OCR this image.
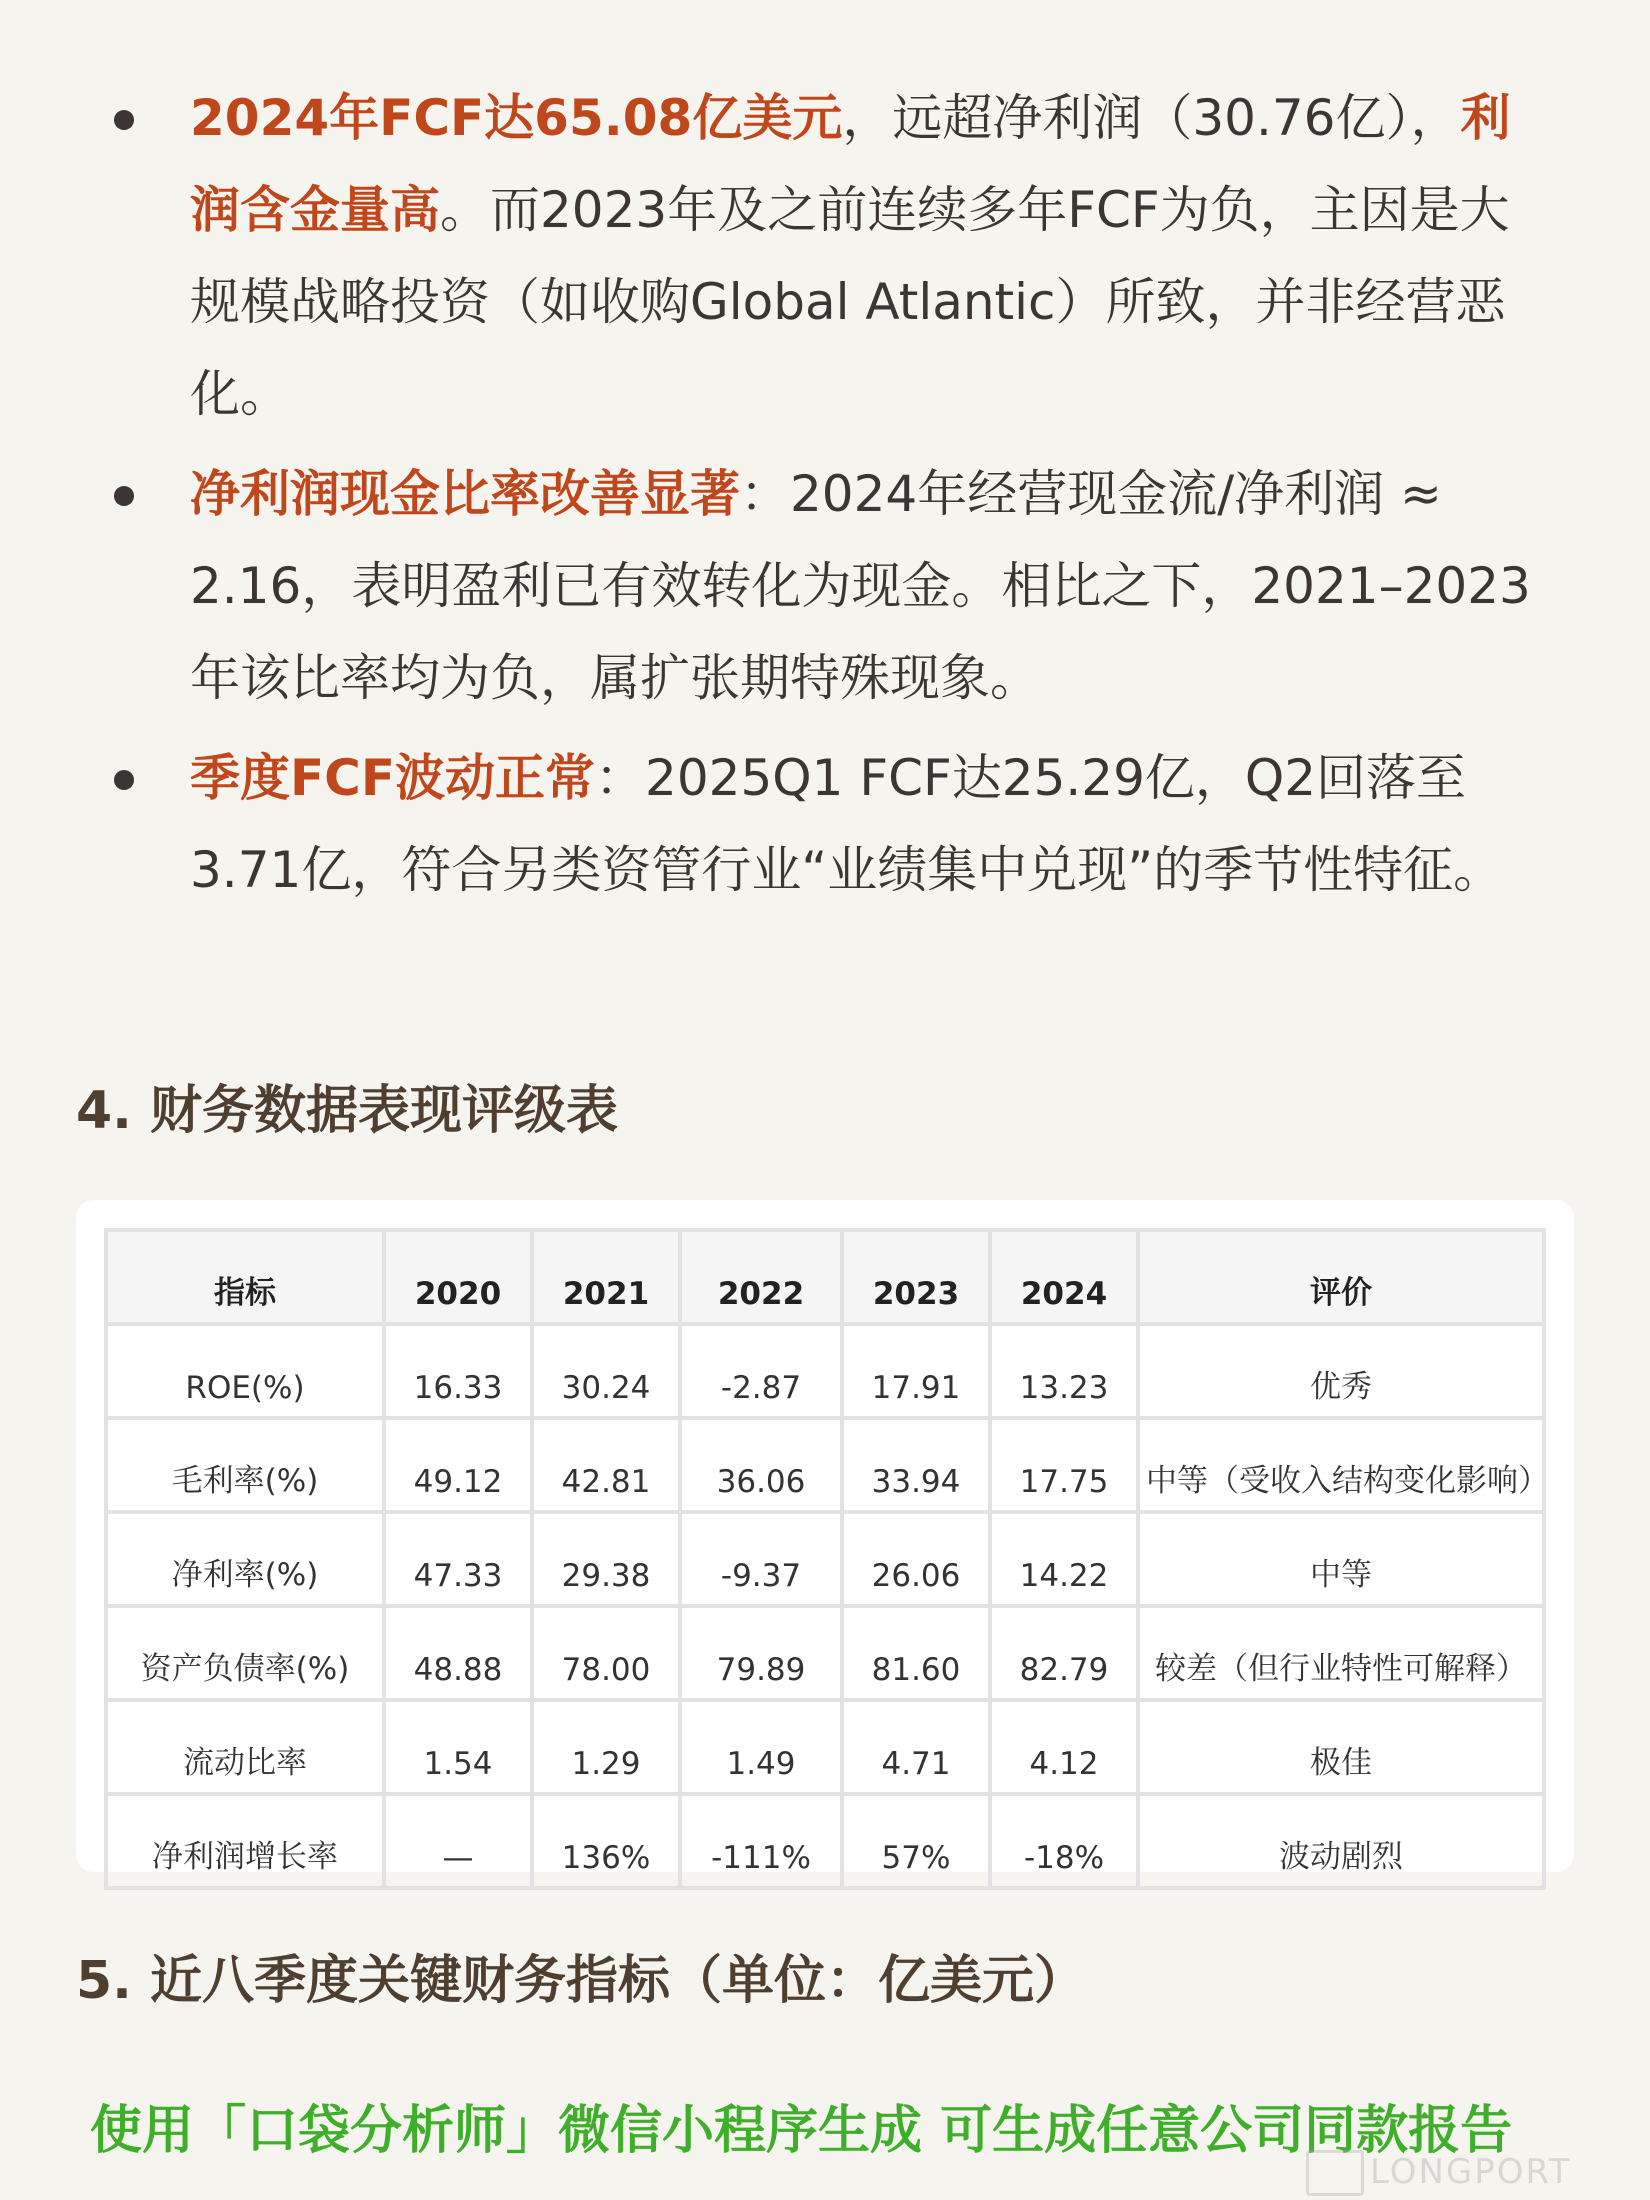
2024年FCF达65.08亿美元，远超净利润（30.76亿），利润含金量高。而2023年及之前连续多年FCF为负，主因是大规模战略投资（如收购Global Atlantic）所致，并非经营恶化。
净利润现金比率改善显著：2024年经营现金流/净利润 ≈ 2.16，表明盈利已有效转化为现金。相比之下，2021–2023年该比率均为负，属扩张期特殊现象。
季度FCF波动正常：2025Q1 FCF达25.29亿，Q2回落至3.71亿，符合另类资管行业“业绩集中兑现”的季节性特征。
4. 财务数据表现评级表
指标	2020	2021	2022	2023	2024	评价
ROE(%)	16.33	30.24	-2.87	17.91	13.23	优秀
毛利率(%)	49.12	42.81	36.06	33.94	17.75	中等（受收入结构变化影响）
净利率(%)	47.33	29.38	-9.37	26.06	14.22	中等
资产负债率(%)	48.88	78.00	79.89	81.60	82.79	较差（但行业特性可解释）
流动比率	1.54	1.29	1.49	4.71	4.12	极佳
净利润增长率	—	136%	-111%	57%	-18%	波动剧烈
5. 近八季度关键财务指标（单位：亿美元）
使用「口袋分析师」微信小程序生成 可生成任意公司同款报告
LONGPORT
